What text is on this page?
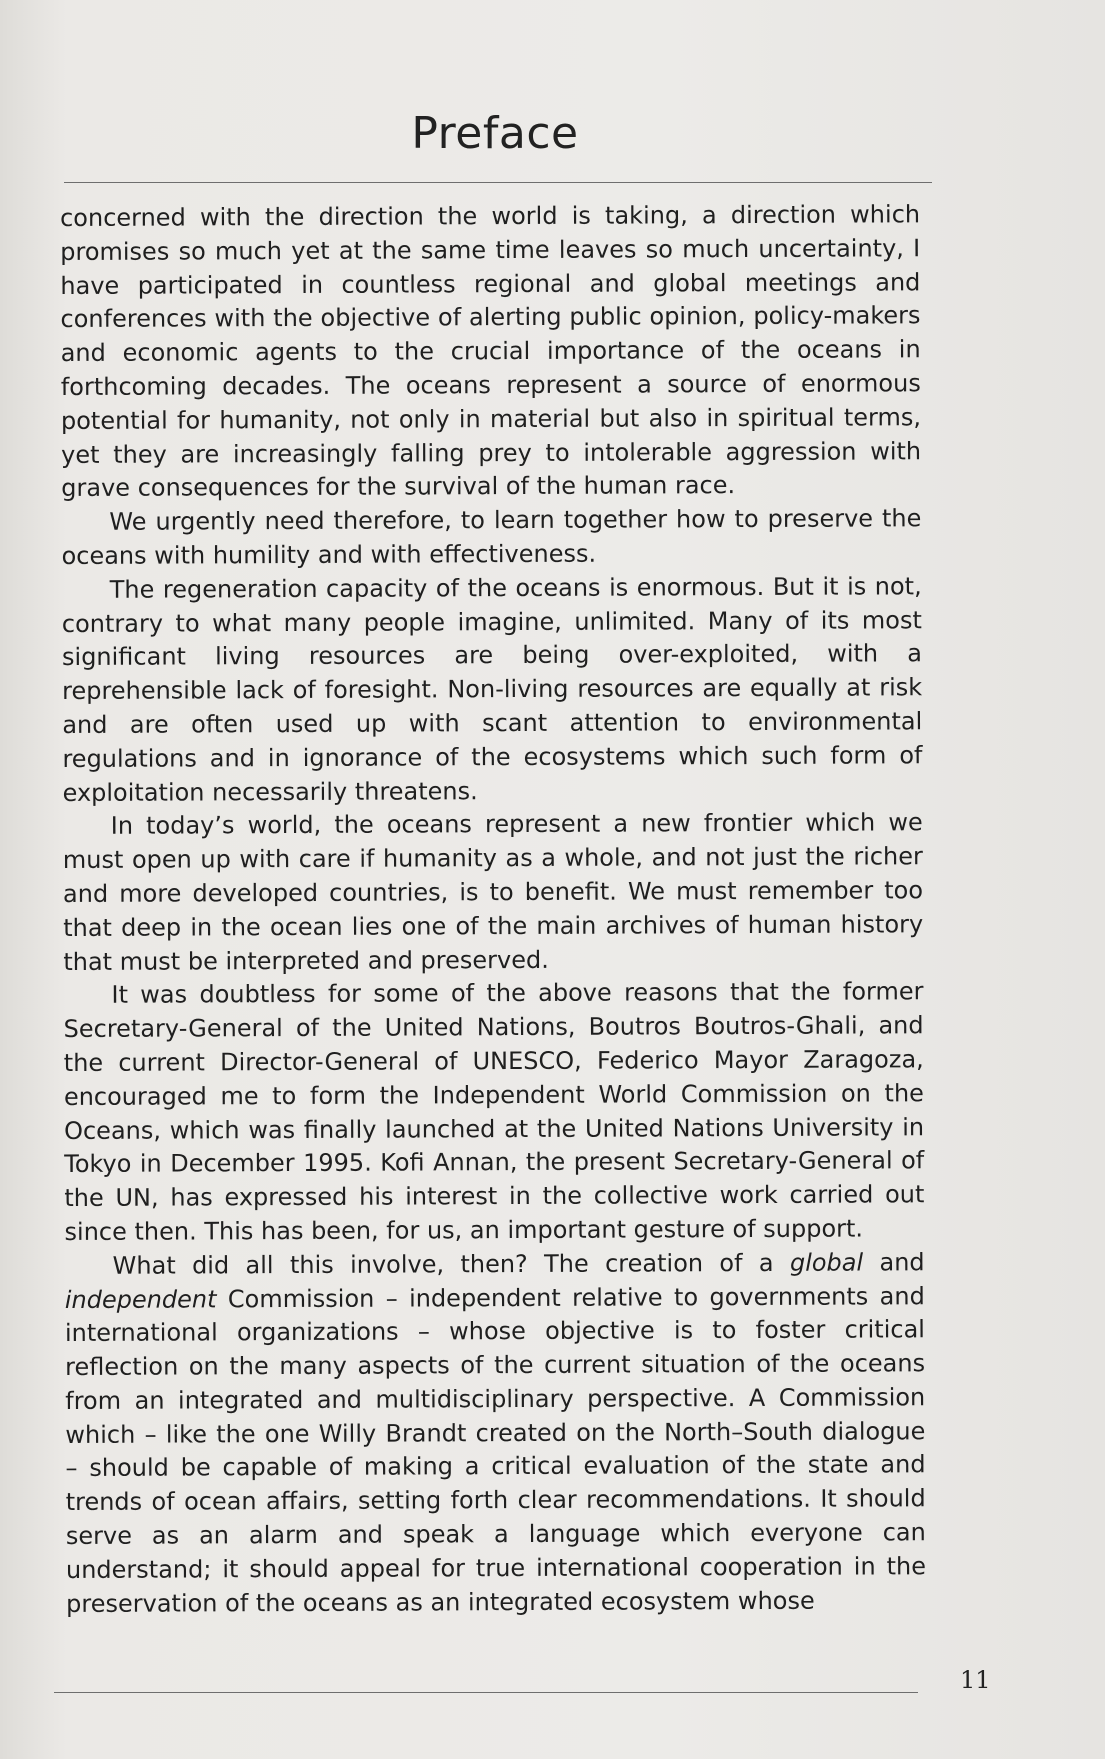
Preface

concerned with the direction the world is taking, a direction which promises so much yet at the same time leaves so much uncertainty, I have participated in countless regional and global meetings and conferences with the objective of alerting public opinion, policy-makers and economic agents to the crucial importance of the oceans in forthcoming decades. The oceans represent a source of enormous potential for humanity, not only in material but also in spiritual terms, yet they are increasingly falling prey to intolerable aggression with grave consequences for the survival of the human race.

We urgently need therefore, to learn together how to preserve the oceans with humility and with effectiveness.

The regeneration capacity of the oceans is enormous. But it is not, contrary to what many people imagine, unlimited. Many of its most significant living resources are being over-exploited, with a reprehensible lack of foresight. Non-living resources are equally at risk and are often used up with scant attention to environmental regulations and in ignorance of the ecosystems which such form of exploitation necessarily threatens.

In today’s world, the oceans represent a new frontier which we must open up with care if humanity as a whole, and not just the richer and more developed countries, is to benefit. We must remember too that deep in the ocean lies one of the main archives of human history that must be interpreted and preserved.

It was doubtless for some of the above reasons that the former Secretary-General of the United Nations, Boutros Boutros-Ghali, and the current Director-General of UNESCO, Federico Mayor Zaragoza, encouraged me to form the Independent World Commission on the Oceans, which was finally launched at the United Nations University in Tokyo in December 1995. Kofi Annan, the present Secretary-General of the UN, has expressed his interest in the collective work carried out since then. This has been, for us, an important gesture of support.

What did all this involve, then? The creation of a global and independent Commission – independent relative to governments and international organizations – whose objective is to foster critical reflection on the many aspects of the current situation of the oceans from an integrated and multidisciplinary perspective. A Commission which – like the one Willy Brandt created on the North–South dialogue – should be capable of making a critical evaluation of the state and trends of ocean affairs, setting forth clear recommendations. It should serve as an alarm and speak a language which everyone can understand; it should appeal for true international cooperation in the preservation of the oceans as an integrated ecosystem whose

11
